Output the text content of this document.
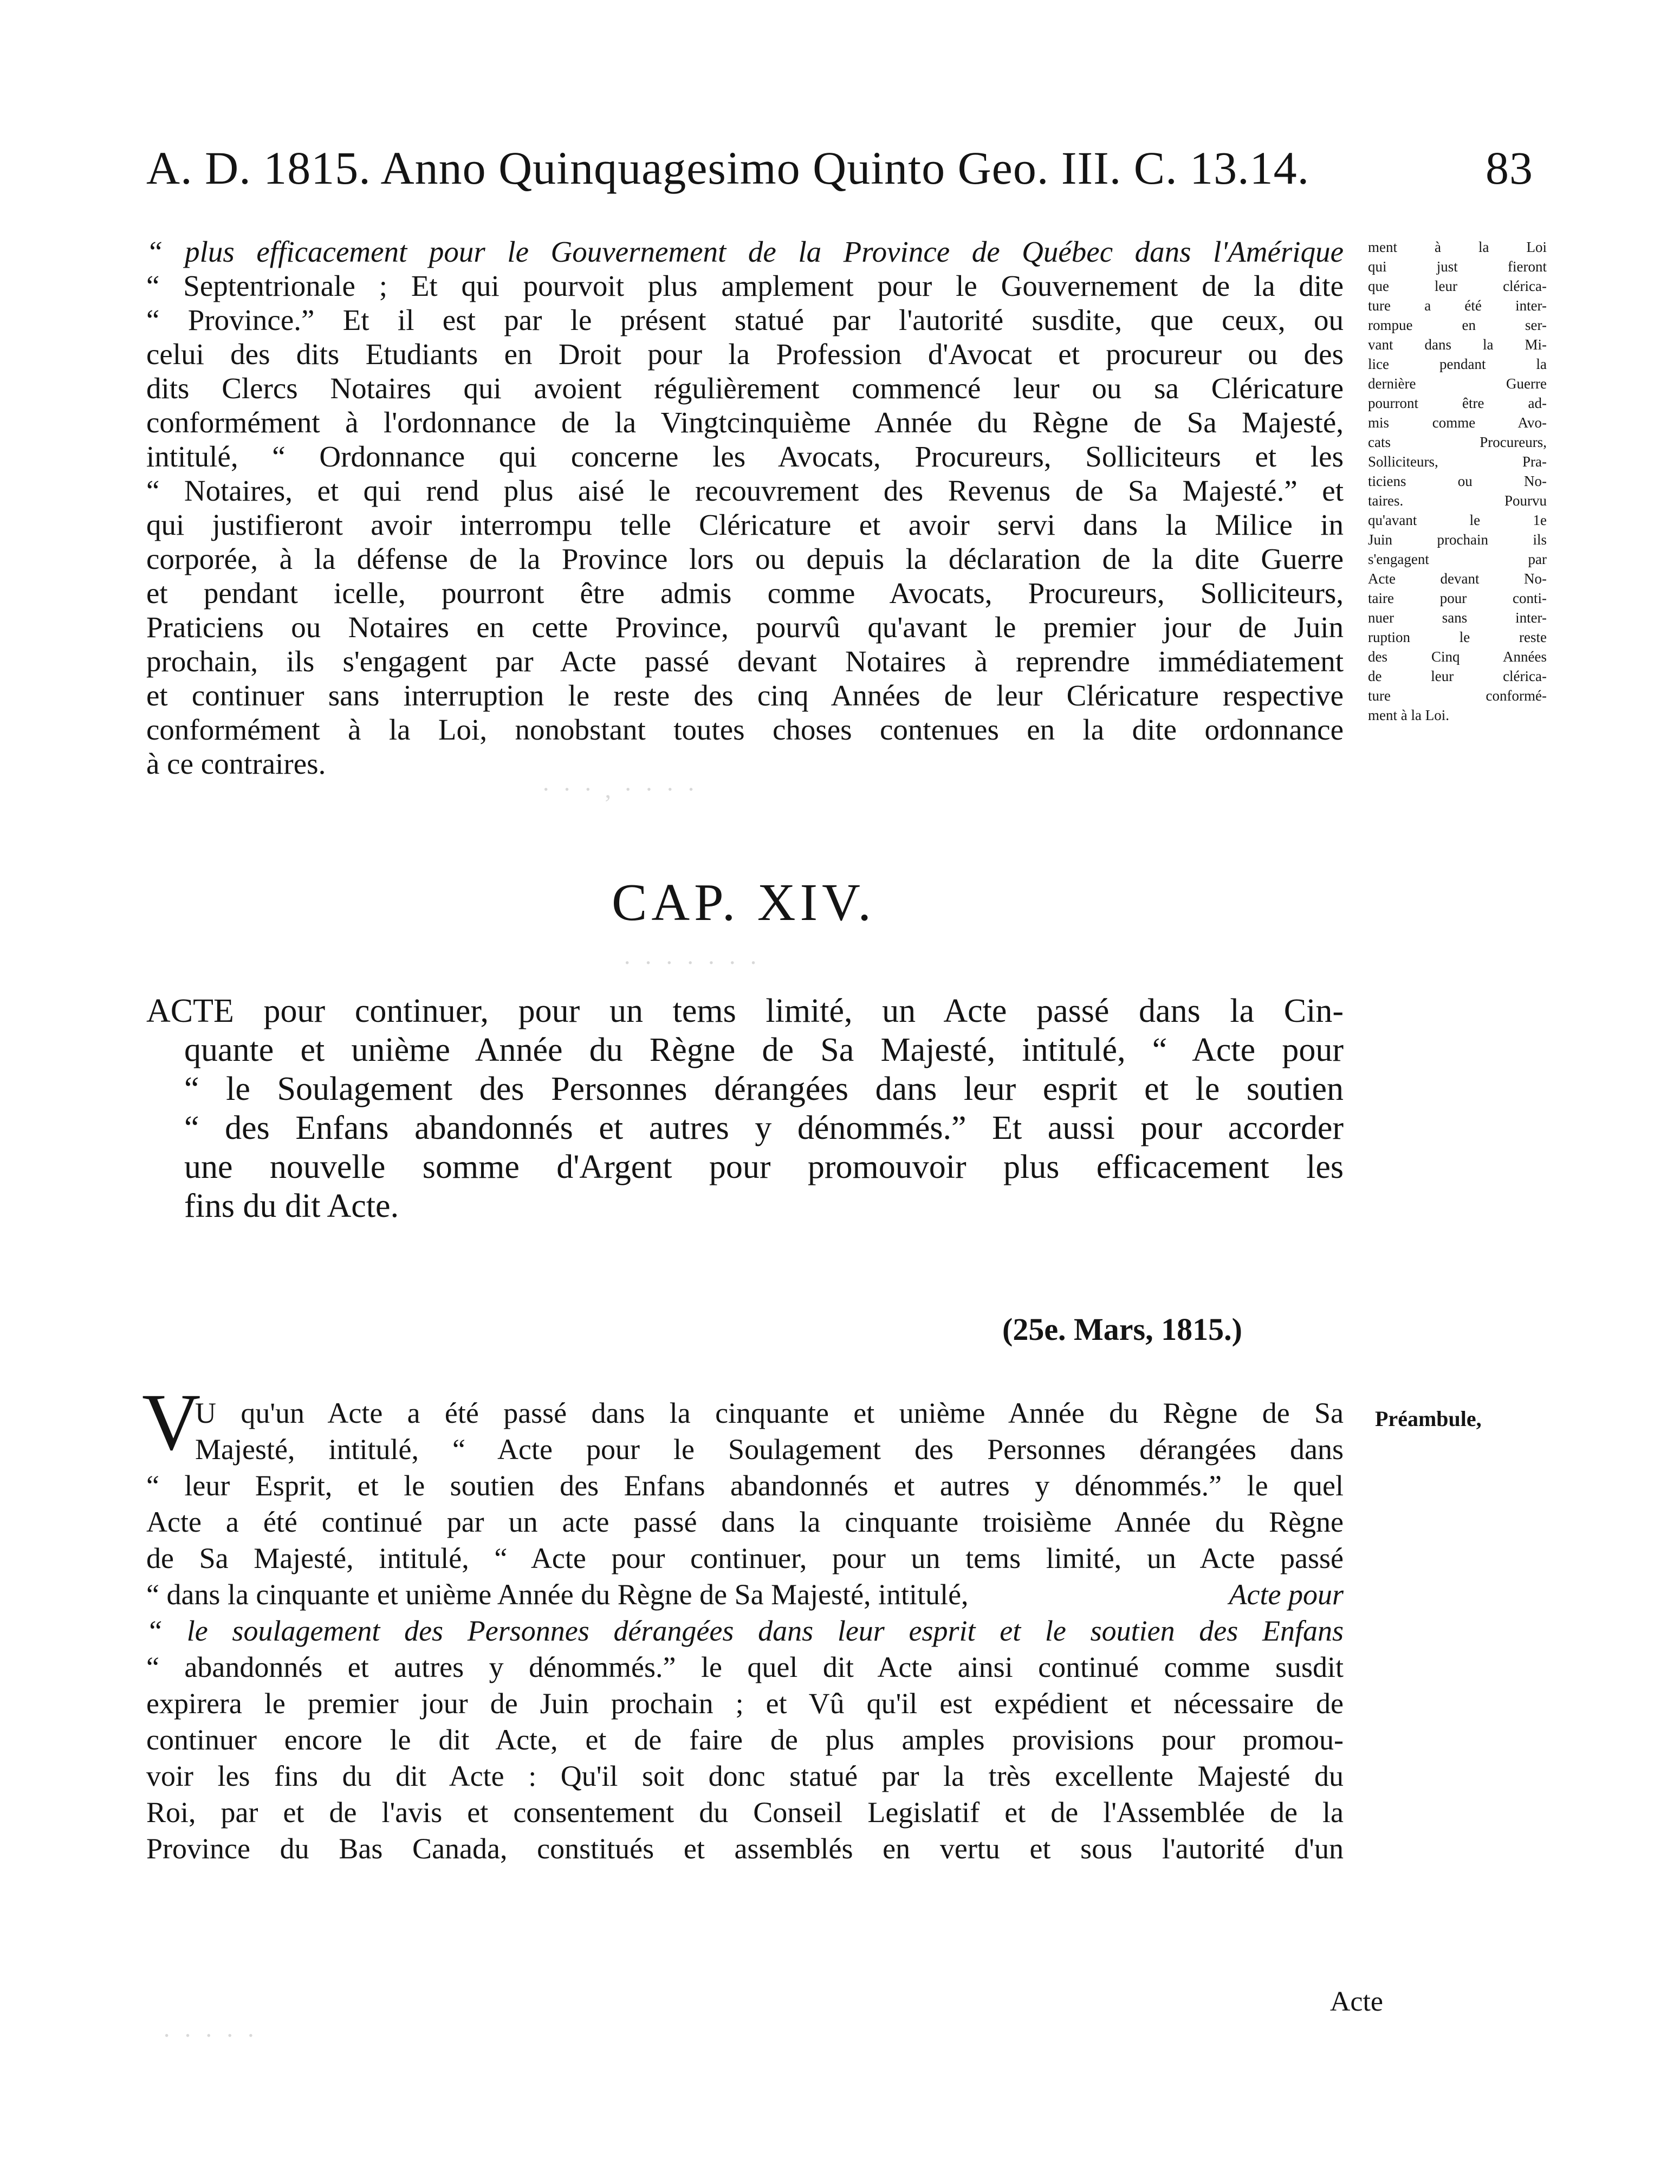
A. D. 1815. Anno Quinquagesimo Quinto Geo. III. C. 13.14.	83
“ plus efficacement pour le Gouvernement de la Province de Québec dans l'Amérique
“ Septentrionale ; Et qui pourvoit plus amplement pour le Gouvernement de la dite
“ Province.” Et il est par le présent statué par l'autorité susdite, que ceux, ou
celui des dits Etudiants en Droit pour la Profession d'Avocat et procureur ou des
dits Clercs Notaires qui avoient régulièrement commencé leur ou sa Cléricature
conformément à l'ordonnance de la Vingtcinquième Année du Règne de Sa Majesté,
intitulé, “ Ordonnance qui concerne les Avocats, Procureurs, Solliciteurs et les
“ Notaires, et qui rend plus aisé le recouvrement des Revenus de Sa Majesté.” et
qui justifieront avoir interrompu telle Cléricature et avoir servi dans la Milice in
corporée, à la défense de la Province lors ou depuis la déclaration de la dite Guerre
et pendant icelle, pourront être admis comme Avocats, Procureurs, Solliciteurs,
Praticiens ou Notaires en cette Province, pourvû qu'avant le premier jour de Juin
prochain, ils s'engagent par Acte passé devant Notaires à reprendre immédiatement
et continuer sans interruption le reste des cinq Années de leur Cléricature respective
conformément à la Loi, nonobstant toutes choses contenues en la dite ordonnance
à ce contraires.
ment à la Loi
qui just fieront
que leur clérica-
ture a été inter-
rompue en ser-
vant dans la Mi-
lice pendant la
dernière Guerre
pourront être ad-
mis comme Avo-
cats Procureurs,
Solliciteurs, Pra-
ticiens ou No-
taires. Pourvu
qu'avant le 1e
Juin prochain ils
s'engagent par
Acte devant No-
taire pour conti-
nuer sans inter-
ruption le reste
des Cinq Années
de leur clérica-
ture conformé-
ment à la Loi.
· · · , · · · ·
· · · · · · ·
· · · · ·
CAP. XIV.
ACTE pour continuer, pour un tems limité, un Acte passé dans la Cin-
quante et unième Année du Règne de Sa Majesté, intitulé, “ Acte pour
“ le Soulagement des Personnes dérangées dans leur esprit et le soutien
“ des Enfans abandonnés et autres y dénommés.” Et aussi pour accorder
une nouvelle somme d'Argent pour promouvoir plus efficacement les
fins du dit Acte.
(25e. Mars, 1815.)
Préambule,
V
U qu'un Acte a été passé dans la cinquante et unième Année du Règne de Sa
Majesté, intitulé, “ Acte pour le Soulagement des Personnes dérangées dans
“ leur Esprit, et le soutien des Enfans abandonnés et autres y dénommés.” le quel
Acte a été continué par un acte passé dans la cinquante troisième Année du Règne
de Sa Majesté, intitulé, “ Acte pour continuer, pour un tems limité, un Acte passé
“ dans la cinquante et unième Année du Règne de Sa Majesté, intitulé,	Acte pour
“ le soulagement des Personnes dérangées dans leur esprit et le soutien des Enfans
“ abandonnés et autres y dénommés.” le quel dit Acte ainsi continué comme susdit
expirera le premier jour de Juin prochain ; et Vû qu'il est expédient et nécessaire de
continuer encore le dit Acte, et de faire de plus amples provisions pour promou-
voir les fins du dit Acte : Qu'il soit donc statué par la très excellente Majesté du
Roi, par et de l'avis et consentement du Conseil Legislatif et de l'Assemblée de la
Province du Bas Canada, constitués et assemblés en vertu et sous l'autorité d'un
Acte
